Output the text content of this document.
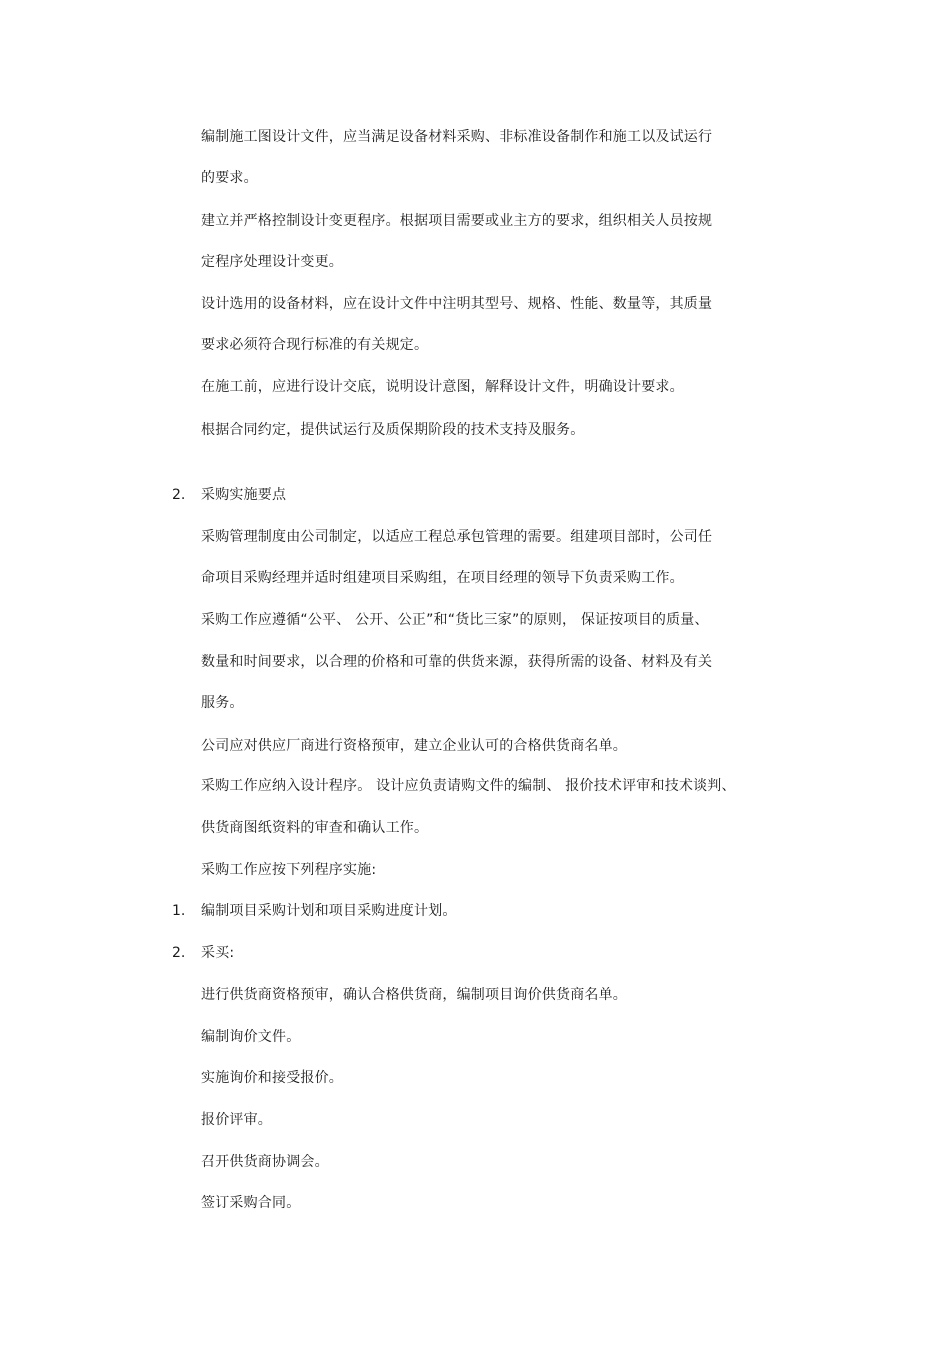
编制施工图设计文件，应当满足设备材料采购、非标准设备制作和施工以及试运行
的要求。
建立并严格控制设计变更程序。根据项目需要或业主方的要求，组织相关人员按规
定程序处理设计变更。
设计选用的设备材料，应在设计文件中注明其型号、规格、性能、数量等，其质量
要求必须符合现行标准的有关规定。
在施工前，应进行设计交底，说明设计意图，解释设计文件，明确设计要求。
根据合同约定，提供试运行及质保期阶段的技术支持及服务。
2. 采购实施要点
采购管理制度由公司制定，以适应工程总承包管理的需要。组建项目部时，公司任
命项目采购经理并适时组建项目采购组，在项目经理的领导下负责采购工作。
采购工作应遵循“公平、 公开、公正”和“货比三家”的原则， 保证按项目的质量、
数量和时间要求，以合理的价格和可靠的供货来源，获得所需的设备、材料及有关
服务。
公司应对供应厂商进行资格预审，建立企业认可的合格供货商名单。
采购工作应纳入设计程序。 设计应负责请购文件的编制、 报价技术评审和技术谈判、
供货商图纸资料的审查和确认工作。
采购工作应按下列程序实施:
1. 编制项目采购计划和项目采购进度计划。
2. 采买:
进行供货商资格预审，确认合格供货商，编制项目询价供货商名单。
编制询价文件。
实施询价和接受报价。
报价评审。
召开供货商协调会。
签订采购合同。
